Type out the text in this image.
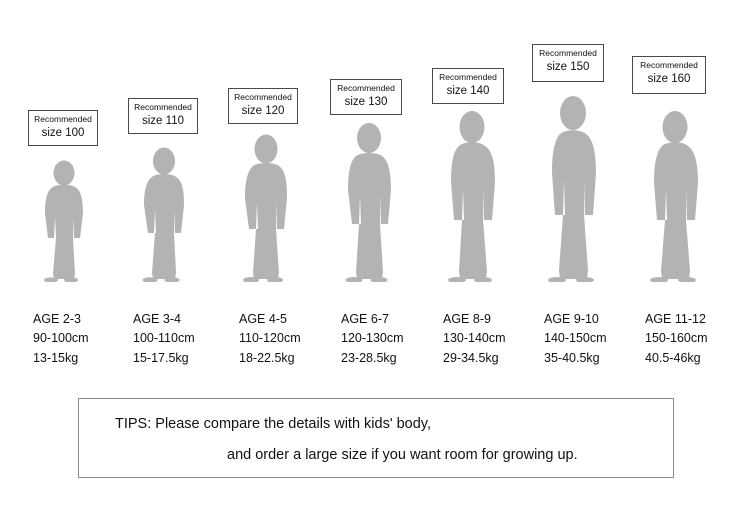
Recommended
size 100
AGE 2-3
90-100cm
13-15kg
Recommended
size 110
AGE 3-4
100-110cm
15-17.5kg
Recommended
size 120
AGE 4-5
110-120cm
18-22.5kg
Recommended
size 130
AGE 6-7
120-130cm
23-28.5kg
Recommended
size 140
AGE 8-9
130-140cm
29-34.5kg
Recommended
size 150
AGE 9-10
140-150cm
35-40.5kg
Recommended
size 160
AGE 11-12
150-160cm
40.5-46kg
TIPS: Please compare the details with kids' body,
and order a large size if you want room for growing up.
